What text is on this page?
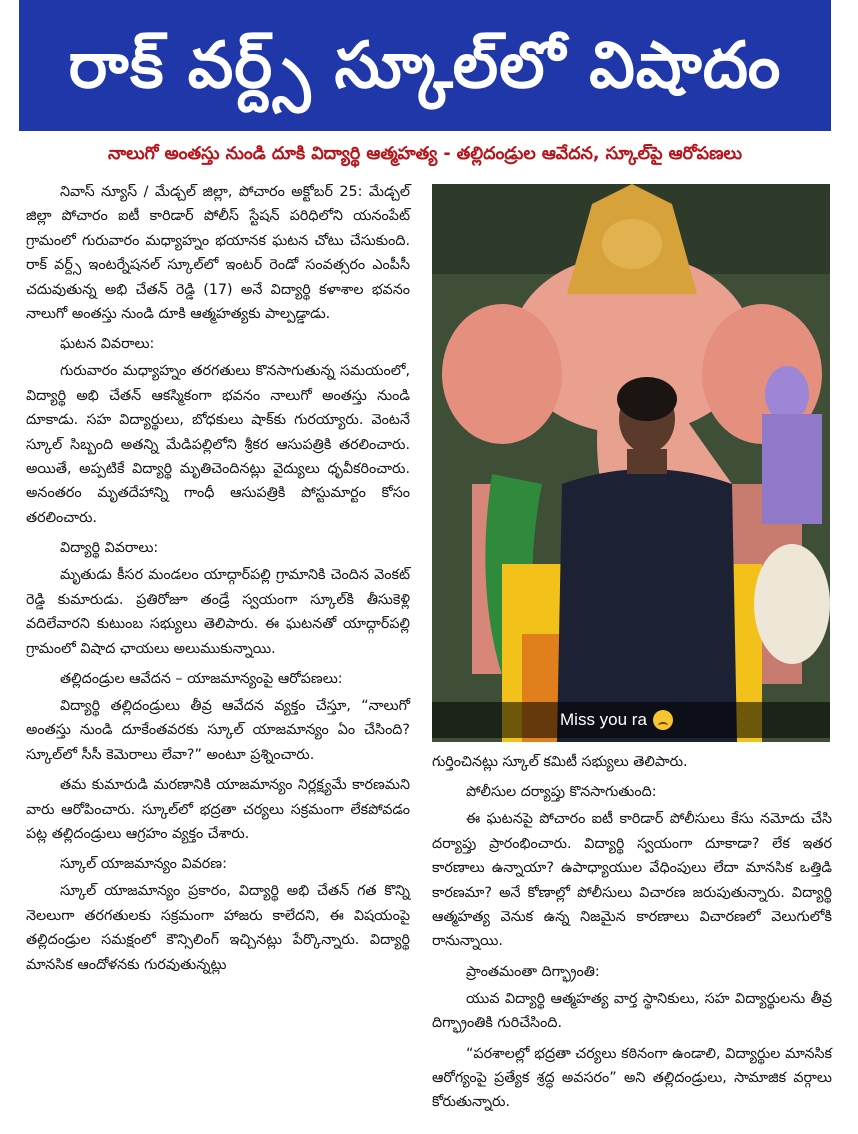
రాక్ వర్ద్స్ స్కూల్‌లో విషాదం
నాలుగో అంతస్తు నుండి దూకి విద్యార్థి ఆత్మహత్య - తల్లిదండ్రుల ఆవేదన, స్కూల్‌పై ఆరోపణలు

నివాస్ న్యూస్ / మేడ్చల్ జిల్లా, పోచారం అక్టోబర్ 25: మేడ్చల్ జిల్లా పోచారం ఐటీ కారిడార్ పోలీస్ స్టేషన్ పరిధిలోని యనంపేట్ గ్రామంలో గురువారం మధ్యాహ్నం భయానక ఘటన చోటు చేసుకుంది. రాక్ వర్ద్స్ ఇంటర్నేషనల్ స్కూల్‌లో ఇంటర్ రెండో సంవత్సరం ఎంపీసీ చదువుతున్న అభి చేతన్ రెడ్డి (17) అనే విద్యార్థి కళాశాల భవనం నాలుగో అంతస్తు నుండి దూకి ఆత్మహత్యకు పాల్పడ్డాడు.

ఘటన వివరాలు:

గురువారం మధ్యాహ్నం తరగతులు కొనసాగుతున్న సమయంలో, విద్యార్థి అభి చేతన్ ఆకస్మికంగా భవనం నాలుగో అంతస్తు నుండి దూకాడు. సహ విద్యార్థులు, బోధకులు షాక్‌కు గురయ్యారు. వెంటనే స్కూల్ సిబ్బంది అతన్ని మేడిపల్లిలోని శ్రీకర ఆసుపత్రికి తరలించారు. అయితే, అప్పటికే విద్యార్థి మృతిచెందినట్లు వైద్యులు ధృవీకరించారు. అనంతరం మృతదేహాన్ని గాంధీ ఆసుపత్రికి పోస్టుమార్టం కోసం తరలించారు.

విద్యార్థి వివరాలు:

మృతుడు కీసర మండలం యాద్గార్‌పల్లి గ్రామానికి చెందిన వెంకట్ రెడ్డి కుమారుడు. ప్రతిరోజూ తండ్రే స్వయంగా స్కూల్‌కి తీసుకెళ్లి వదిలేవారని కుటుంబ సభ్యులు తెలిపారు. ఈ ఘటనతో యాద్గార్‌పల్లి గ్రామంలో విషాద ఛాయలు అలుముకున్నాయి.

తల్లిదండ్రుల ఆవేదన – యాజమాన్యంపై ఆరోపణలు:

విద్యార్థి తల్లిదండ్రులు తీవ్ర ఆవేదన వ్యక్తం చేస్తూ, “నాలుగో అంతస్తు నుండి దూకేంతవరకు స్కూల్ యాజమాన్యం ఏం చేసింది? స్కూల్‌లో సీసీ కెమెరాలు లేవా?” అంటూ ప్రశ్నించారు.

తమ కుమారుడి మరణానికి యాజమాన్యం నిర్లక్ష్యమే కారణమని వారు ఆరోపించారు. స్కూల్‌లో భద్రతా చర్యలు సక్రమంగా లేకపోవడం పట్ల తల్లిదండ్రులు ఆగ్రహం వ్యక్తం చేశారు.

స్కూల్ యాజమాన్యం వివరణ:

స్కూల్ యాజమాన్యం ప్రకారం, విద్యార్థి అభి చేతన్ గత కొన్ని నెలలుగా తరగతులకు సక్రమంగా హాజరు కాలేదని, ఈ విషయంపై తల్లిదండ్రుల సమక్షంలో కౌన్సిలింగ్ ఇచ్చినట్లు పేర్కొన్నారు. విద్యార్థి మానసిక ఆందోళనకు గురవుతున్నట్లు

Miss you ra

గుర్తించినట్లు స్కూల్ కమిటీ సభ్యులు తెలిపారు.

పోలీసుల దర్యాప్తు కొనసాగుతుంది:

ఈ ఘటనపై పోచారం ఐటీ కారిడార్ పోలీసులు కేసు నమోదు చేసి దర్యాప్తు ప్రారంభించారు. విద్యార్థి స్వయంగా దూకాడా? లేక ఇతర కారణాలు ఉన్నాయా? ఉపాధ్యాయుల వేధింపులు లేదా మానసిక ఒత్తిడి కారణమా? అనే కోణాల్లో పోలీసులు విచారణ జరుపుతున్నారు. విద్యార్థి ఆత్మహత్య వెనుక ఉన్న నిజమైన కారణాలు విచారణలో వెలుగులోకి రానున్నాయి.

ప్రాంతమంతా దిగ్భ్రాంతి:

యువ విద్యార్థి ఆత్మహత్య వార్త స్థానికులు, సహ విద్యార్థులను తీవ్ర దిగ్భ్రాంతికి గురిచేసింది.

“పరశాలల్లో భద్రతా చర్యలు కఠినంగా ఉండాలి, విద్యార్థుల మానసిక ఆరోగ్యంపై ప్రత్యేక శ్రద్ధ అవసరం” అని తల్లిదండ్రులు, సామాజిక వర్గాలు కోరుతున్నారు.
